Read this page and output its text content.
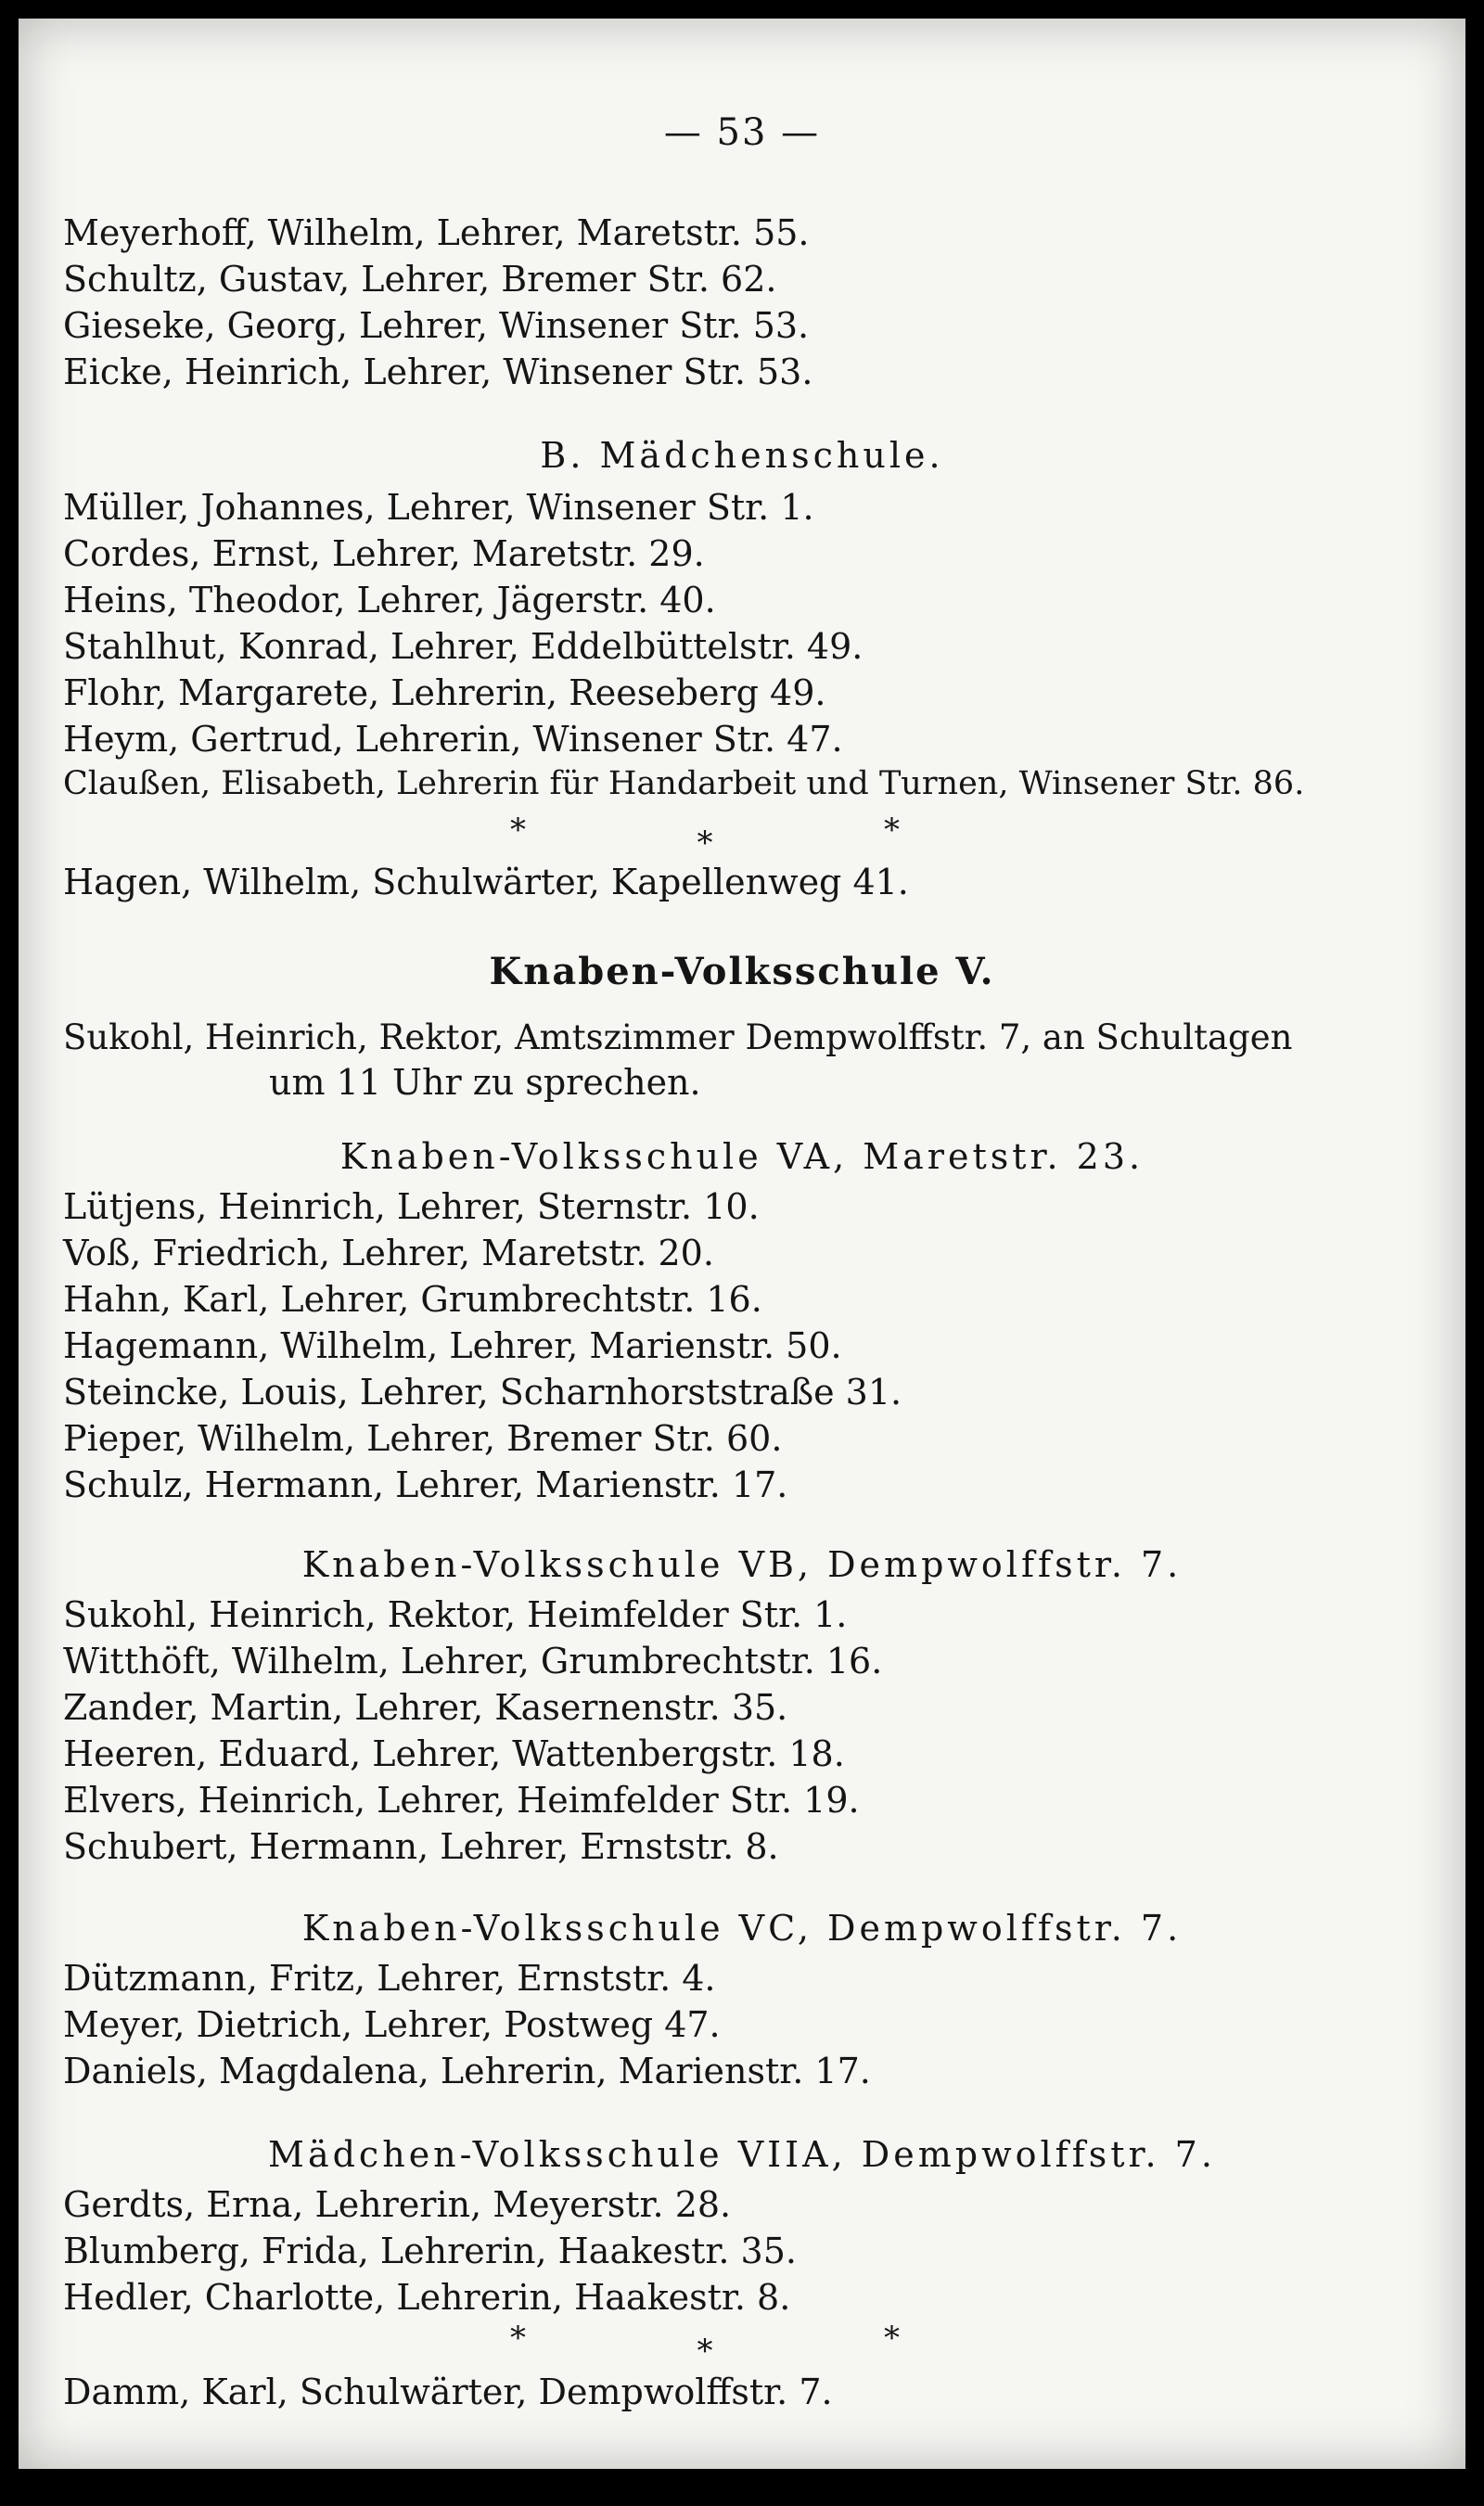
— 53 —
Meyerhoff, Wilhelm, Lehrer, Maretstr. 55.
Schultz, Gustav, Lehrer, Bremer Str. 62.
Gieseke, Georg, Lehrer, Winsener Str. 53.
Eicke, Heinrich, Lehrer, Winsener Str. 53.
B. Mädchenschule.
Müller, Johannes, Lehrer, Winsener Str. 1.
Cordes, Ernst, Lehrer, Maretstr. 29.
Heins, Theodor, Lehrer, Jägerstr. 40.
Stahlhut, Konrad, Lehrer, Eddelbüttelstr. 49.
Flohr, Margarete, Lehrerin, Reeseberg 49.
Heym, Gertrud, Lehrerin, Winsener Str. 47.
Claußen, Elisabeth, Lehrerin für Handarbeit und Turnen, Winsener Str. 86.
*	*	*
Hagen, Wilhelm, Schulwärter, Kapellenweg 41.
Knaben-Volksschule V.
Sukohl, Heinrich, Rektor, Amtszimmer Dempwolffstr. 7, an Schultagen
um 11 Uhr zu sprechen.
Knaben-Volksschule VA, Maretstr. 23.
Lütjens, Heinrich, Lehrer, Sternstr. 10.
Voß, Friedrich, Lehrer, Maretstr. 20.
Hahn, Karl, Lehrer, Grumbrechtstr. 16.
Hagemann, Wilhelm, Lehrer, Marienstr. 50.
Steincke, Louis, Lehrer, Scharnhorststraße 31.
Pieper, Wilhelm, Lehrer, Bremer Str. 60.
Schulz, Hermann, Lehrer, Marienstr. 17.
Knaben-Volksschule VB, Dempwolffstr. 7.
Sukohl, Heinrich, Rektor, Heimfelder Str. 1.
Witthöft, Wilhelm, Lehrer, Grumbrechtstr. 16.
Zander, Martin, Lehrer, Kasernenstr. 35.
Heeren, Eduard, Lehrer, Wattenbergstr. 18.
Elvers, Heinrich, Lehrer, Heimfelder Str. 19.
Schubert, Hermann, Lehrer, Ernststr. 8.
Knaben-Volksschule VC, Dempwolffstr. 7.
Dützmann, Fritz, Lehrer, Ernststr. 4.
Meyer, Dietrich, Lehrer, Postweg 47.
Daniels, Magdalena, Lehrerin, Marienstr. 17.
Mädchen-Volksschule VIIA, Dempwolffstr. 7.
Gerdts, Erna, Lehrerin, Meyerstr. 28.
Blumberg, Frida, Lehrerin, Haakestr. 35.
Hedler, Charlotte, Lehrerin, Haakestr. 8.
*	*	*
Damm, Karl, Schulwärter, Dempwolffstr. 7.
